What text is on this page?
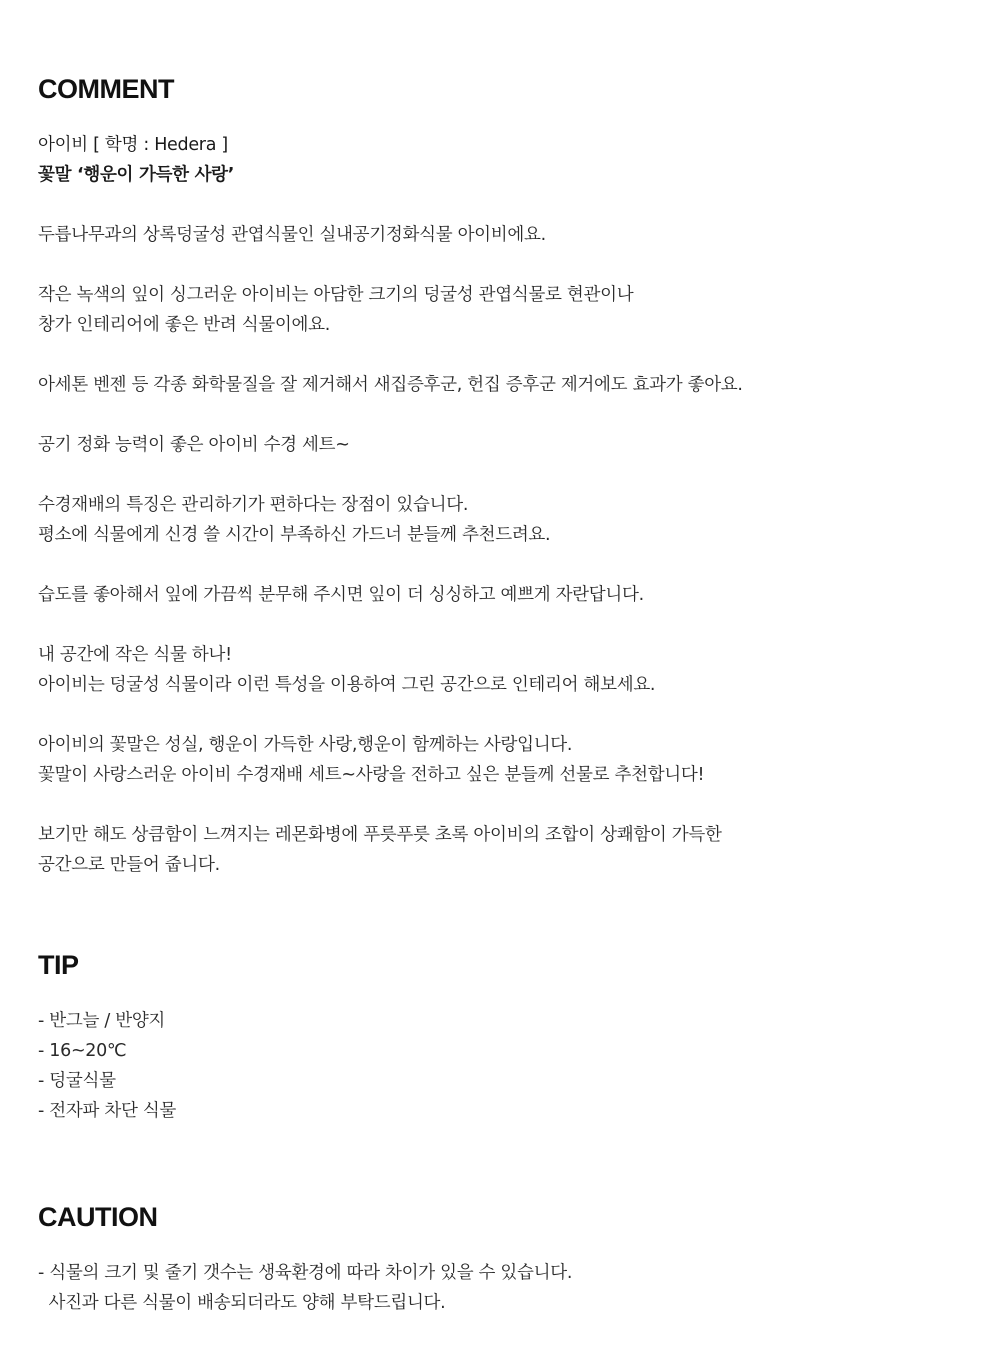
COMMENT
아이비 [ 학명 : Hedera ]
꽃말 ‘행운이 가득한 사랑’
두릅나무과의 상록덩굴성 관엽식물인 실내공기정화식물 아이비에요.
작은 녹색의 잎이 싱그러운 아이비는 아담한 크기의 덩굴성 관엽식물로 현관이나
창가 인테리어에 좋은 반려 식물이에요.
아세톤 벤젠 등 각종 화학물질을 잘 제거해서 새집증후군, 헌집 증후군 제거에도 효과가 좋아요.
공기 정화 능력이 좋은 아이비 수경 세트~
수경재배의 특징은 관리하기가 편하다는 장점이 있습니다.
평소에 식물에게 신경 쓸 시간이 부족하신 가드너 분들께 추천드려요.
습도를 좋아해서 잎에 가끔씩 분무해 주시면 잎이 더 싱싱하고 예쁘게 자란답니다.
내 공간에 작은 식물 하나!
아이비는 덩굴성 식물이라 이런 특성을 이용하여 그린 공간으로 인테리어 해보세요.
아이비의 꽃말은 성실, 행운이 가득한 사랑,행운이 함께하는 사랑입니다.
꽃말이 사랑스러운 아이비 수경재배 세트~사랑을 전하고 싶은 분들께 선물로 추천합니다!
보기만 해도 상큼함이 느껴지는 레몬화병에 푸릇푸릇 초록 아이비의 조합이 상쾌함이 가득한
공간으로 만들어 줍니다.
TIP
- 반그늘 / 반양지
- 16~20℃
- 덩굴식물
- 전자파 차단 식물
CAUTION
- 식물의 크기 및 줄기 갯수는 생육환경에 따라 차이가 있을 수 있습니다.
사진과 다른 식물이 배송되더라도 양해 부탁드립니다.
